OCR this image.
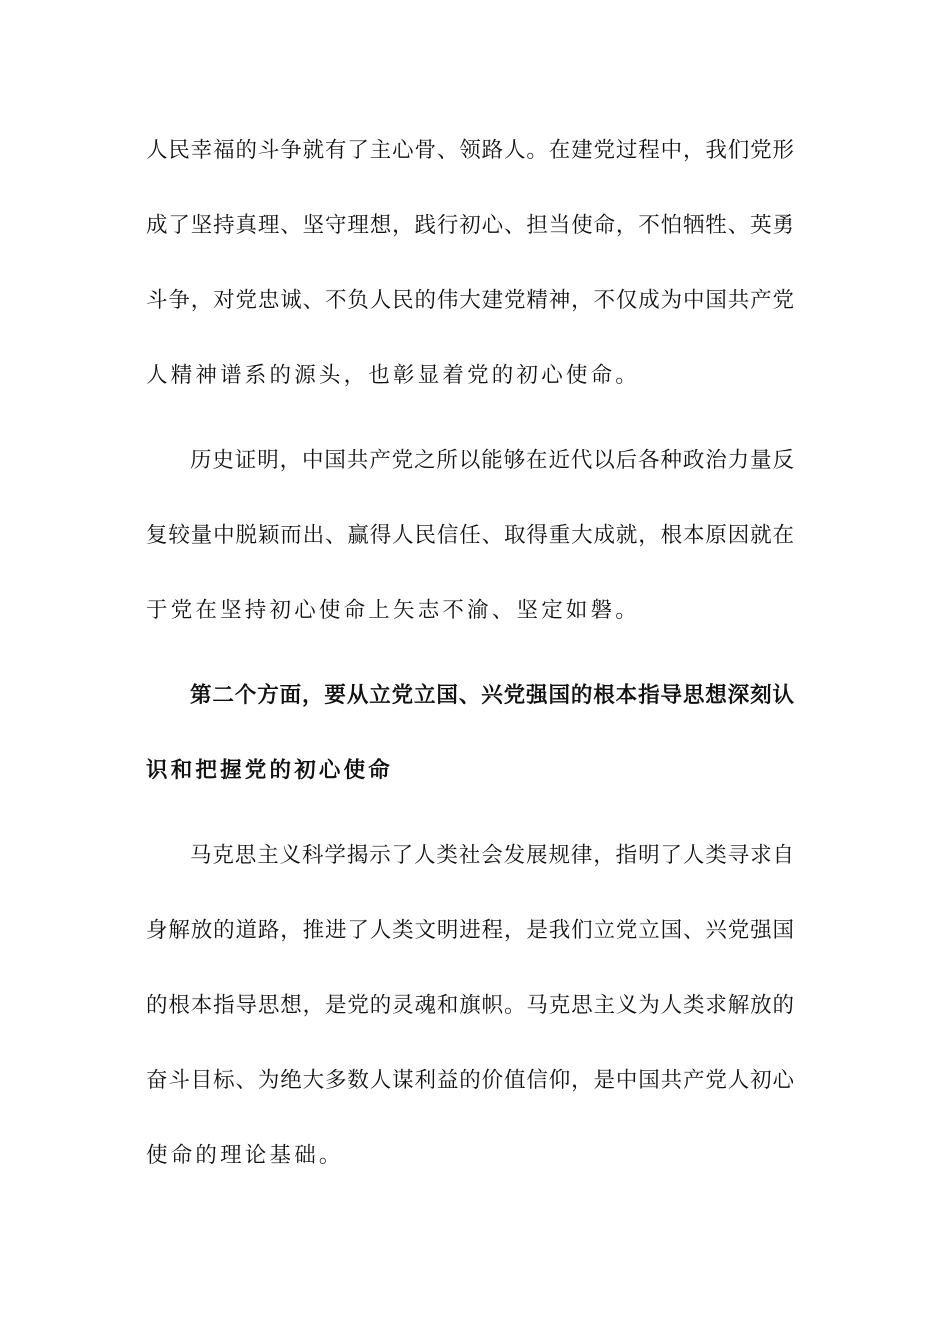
人民幸福的斗争就有了主心骨、领路人。在建党过程中，我们党形
成了坚持真理、坚守理想，践行初心、担当使命，不怕牺牲、英勇
斗争，对党忠诚、不负人民的伟大建党精神，不仅成为中国共产党
人精神谱系的源头，也彰显着党的初心使命。
历史证明，中国共产党之所以能够在近代以后各种政治力量反
复较量中脱颖而出、赢得人民信任、取得重大成就，根本原因就在
于党在坚持初心使命上矢志不渝、坚定如磐。
第二个方面，要从立党立国、兴党强国的根本指导思想深刻认
识和把握党的初心使命
马克思主义科学揭示了人类社会发展规律，指明了人类寻求自
身解放的道路，推进了人类文明进程，是我们立党立国、兴党强国
的根本指导思想，是党的灵魂和旗帜。马克思主义为人类求解放的
奋斗目标、为绝大多数人谋利益的价值信仰，是中国共产党人初心
使命的理论基础。
